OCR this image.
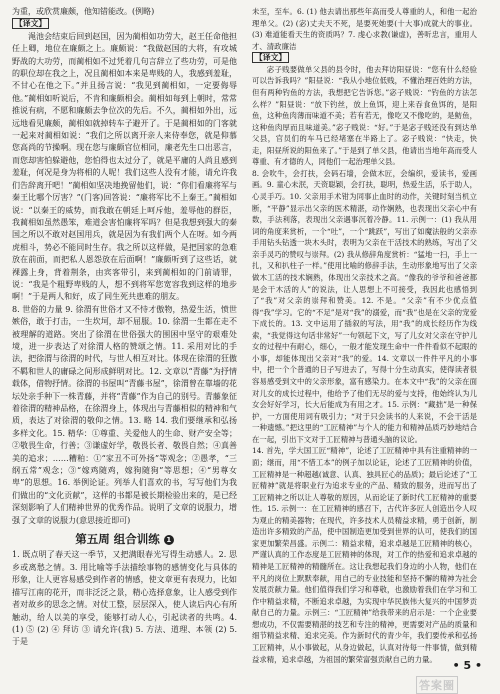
为重，或欣赏廉颇，他知错能改。(例略)

【译文】

渑池会结束后回到赵国，因为蔺相如功劳大，赵王任命他担任上卿，地位在廉颇之上。廉颇说：“我做赵国的大将，有攻城野战的大功劳，而蔺相如不过凭着几句言辞立了些功劳，可是他的职位却在我之上，况且蔺相如本来是卑贱的人，我感到羞耻，不甘心在他之下。”并且扬言说：“我见到蔺相如，一定要侮辱他。”蔺相如听说后，不肯和廉颇相会。蔺相如每到上朝时，常常推说有病，不愿和廉颇去争位次的先后。不久，蔺相如外出，远远地看见廉颇，蔺相如就掉转车子避开了。于是蔺相如的门客就一起来对蔺相如说：“我们之所以离开亲人来侍奉您，就是仰慕您高尚的节操啊。现在您与廉颇官位相同，廉老先生口出恶言，而您却害怕躲避他，您怕得也太过分了，就是平庸的人尚且感到羞耻，何况是身为将相的人呢！我们这些人没有才能，请允许我们告辞离开吧！”蔺相如坚决地挽留他们，说：“你们看廉将军与秦王比哪个厉害？”(门客)回答说：“廉将军比不上秦王。”蔺相如说：“以秦王的威势，而我敢在朝廷上呵斥他，羞辱他的群臣，我蔺相如虽然愚笨，难道会害怕廉将军吗？但是我想到强大的秦国之所以不敢对赵国用兵，就是因为有我们两个人在呀。如今两虎相斗，势必不能同时生存。我之所以这样做，是把国家的急难放在前面，而把私人恩怨放在后面啊！”廉颇听到了这些话，就裸露上身，背着荆条，由宾客带引，来到蔺相如的门前请罪，说：“我是个粗野卑贱的人，想不到将军您宽容我到这样的地步啊！”于是两人和好，成了同生死共患难的朋友。

8. 世俗的力量 9. 徐渭有世俗才又不恃才傲物，热爱生活，愤世嫉俗，敢于打击，一生坎坷，却不屈服。10. 徐渭一生都在走不被理解的道路。突出了徐渭在世俗强大的围困中坚守的艰难处境，进一步表达了对徐渭人格的赞颂之情。11. 采用对比的手法，把徐渭与徐渭的时代，与世人相互对比。体现在徐渭的狂傲不羁和世人的庸碌之间形成鲜明对比。12. 文章以“青藤”为抒情载体，借物抒情。徐渭的书屋叫“青藤书屋”，徐渭曾在靠墙的花坛处亲手种下一株青藤，并将“青藤”作为自己的别号。青藤象征着徐渭的精神品格，在徐渭身上，体现出与青藤相似的精神和气质，表达了对徐渭的敬仰之情。13. 略 14. 我们要继承和弘扬多样文化。15. 精华：①尊重、关爱他人的生命、财产安全等；②敬畏生命，行善；③谦虚好学，敬畏长者、敬畏自然；④真善美的追求；……糟粕：①“家丑不可外扬”等观念；②愚孝，“三纲五常”观念；③“嫁鸡随鸡，嫁狗随狗”等思想；④“男尊女卑”的思想。16. 举例论证。列举人们喜欢的书，写写他们为我们做出的“文化贡献”，这样的书都是被长期检验出来的，是已经深刻影响了人们精神世界的优秀作品。说明了文章的说服力，增强了文章的说服力(意思接近即可)

第五周 组合训练 1

1. 既点明了春天这一季节，又把满眼春光写得生动感人。2. 思乡或离愁之情。3. 用比喻等手法描绘事物的感情变化与具体的形象，让人更容易感受到作者的情感，使文章更有表现力，比如描写江南的花开，而非泛泛之景，精心选择意象，让人感受到作者对故乡的思念之情。对仗工整，层层深入，使人读后内心有所触动，给人以美的享受，能够打动人心，引起读者的共鸣。4. (1) ⑤ (2) ④ 拜访 ③ 请允许(我) 5. 方法、道理、本领 (2) 5. 于是

未至，至车。6. (1) 他去请出那些年高而受人尊重的人，和他一起治理单父。(2) (宓)丈夫天不死，是要死她要(十大事)成就大的事业。(3) 难道能看天生的资质吗？7. 虔心求教(谦虚)，善听忠言，重用人才、清政廉洁

【译文】

宓子贱要做单父县的县令时，他去拜访阳昼说：“您有什么经验可以告诉我吗？”阳昼说：“我从小地位低贱，不懂治理百姓的方法，但有两种钓鱼的方法，我想把它告诉您。”宓子贱说：“钓鱼的方法怎么样？”阳昼说：“放下钓丝，放上鱼饵，迎上来吞食鱼饵的，是阳鱼，这种鱼肉薄而味道不美；若有若无，像吃又不像吃的，是鲂鱼，这种鱼肉厚而且味道美。”宓子贱说：“好。”于是宓子贱还没有到达单父县，官员们的车马已经堵塞在半路上了。宓子贱说：“快走，快走，阳昼所说的阳鱼来了。”于是到了单父县，他请出当地年高而受人尊重、有才德的人，同他们一起治理单父县。

8. 会吹牛，会打扶，会码石墙，会做木匠，会编织，爱读书，爱画画。9. 童心未泯，天资聪颖，会打扶，聪明，热爱生活，乐于助人，心灵手巧。10. 父亲用手术钳为同事止血时的动作，关键时刻当机立断，“平静”显示出父亲的医术精湛，动作娴熟，也表现出父亲心中有数，手法利落，表现出父亲遇事沉着冷静。11. 示例一：(1) 我从用词的角度来赏析，一个“吐”，一个“跳跃”，写出了如魔法般的父亲赤手用钻头钻透一块木头时，表明为父亲在干活技术的熟练，写出了父亲手灵巧的赞叹与崇拜。(2) 我从修辞角度赏析：“猛地一扫，手上一扎，又和扒柱子一样。”使用比喻的修辞手法，生动形象地写出了父亲做木工活的技术娴熟，体现出父亲技术之高。“像我的爷爷和爸爸都是会干木活的人”的说法，让人思想上不可接受，我因此也感悟到了“我”对父亲的崇拜和赞美。12. 不是。“父亲”有不少优点值得“我”学习。它的“不足”是对“我”的溺爱，而“我”也是在父亲的宠爱下成长的。13. 文中运用了插叙的写法，用“我”的成长经历作为线索，“我觉得这句话非常好”一句领起下文，写了儿女对父亲在守护儿女的过程中有耐心，细心，一般才能发现生命中一件件看似不起眼的小事，却能体现出父亲对“我”的爱。14. 文章以一件件平凡的小事中，把一个个普通的日子写进去了，写得十分生动真实，使得读者很容易感受到文中的父亲形象，富有感染力。在本文中“我”的父亲在面对儿女的成长过程中，他给予了他们无尽的爱与支持，他始终认为儿女会好好学习，长大后能成为有用之才。15. 示例：“藏拙”是一种保护，一方面使用词有吸引力；“对于只会读书的人来说，不会干活是一种遗憾。”把这里的“工匠精神”与个人的能力和精神品质巧妙地结合在一起，引出下文对于工匠精神与普通头脑的议论。

14. 首先，学大国工匠“精神”，论述了工匠精神中具有注重精神的一面；继而，用“不惜工本”的例子加以论证，论述了工匠精神的价值，工匠精神是一种超越(诚意、认真、独具匠心的品质)；最后论述了“工匠精神”就是将职业行为追求专业的产品、精致的服务，进而写出了工匠精神之所以让人尊敬的原因，从而论证了新时代工匠精神的重要性。15. 示例一：在工匠精神的感召下，古代许多匠人创造出令人叹为观止的精美器物；在现代，许多技术人员精益求精，勇于创新，制造出许多精致的产品，使中国制造更加受到世界的认可，使我们的国家更加繁荣昌盛。示例二：精益求精，追求卓越是工匠精神的核心，严谨认真的工作态度是工匠精神的体现，对工作的热爱和追求卓越的精神是工匠精神的精髓所在。这让我想起我们身边的小人物，他们在平凡的岗位上默默奉献，用自己的专业技能和坚持不懈的精神为社会发展贡献力量。他们值得我们学习和尊敬，也激励着我们在学习和工作中精益求精，不断追求卓越，为实现中华民族伟大复兴的中国梦贡献自己的力量。示例三：“工匠精神”给我带来的启示是：一个企业要想成功，不仅需要精湛的技艺和专注的精神，更需要对产品的质量和细节精益求精、追求完美。作为新时代的青少年，我们要传承和弘扬工匠精神，从小事做起，从身边做起，认真对待每一件事情，做到精益求精，追求卓越，为祖国的繁荣富强贡献自己的力量。	• 5 •
答案圈
